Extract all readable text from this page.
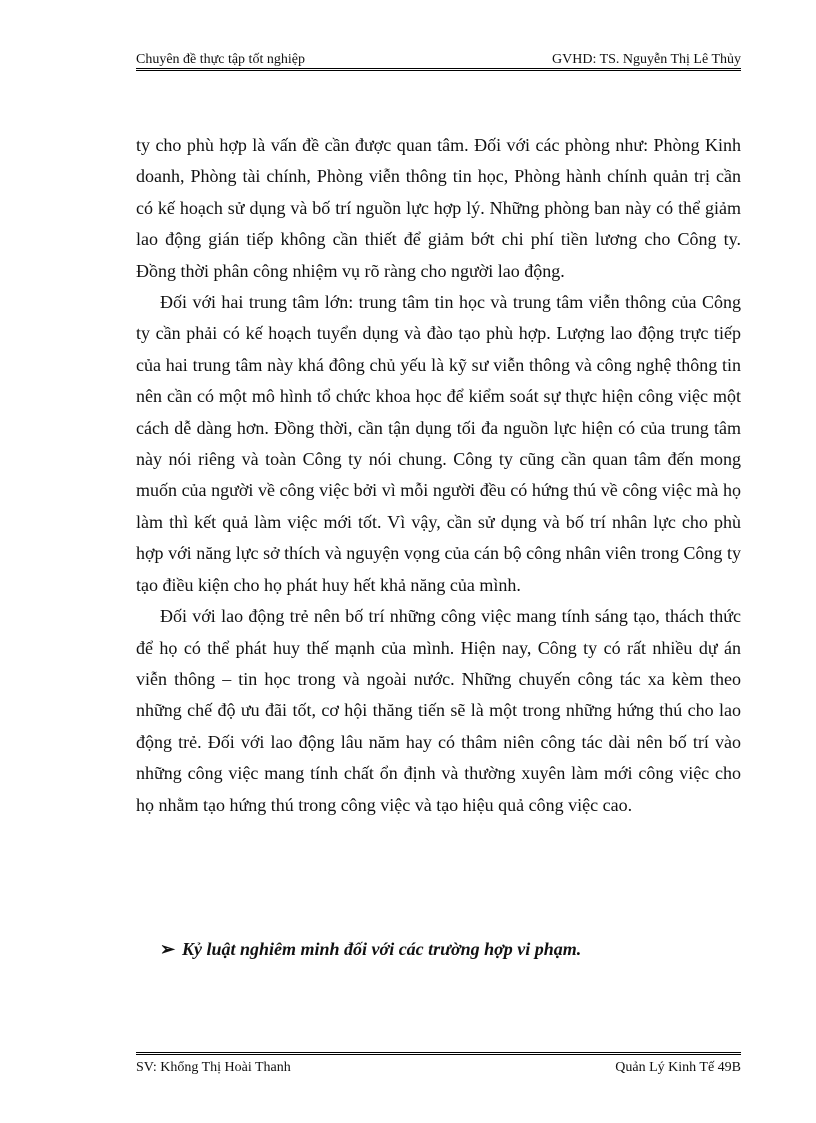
Chuyên đề thực tập tốt nghiệp	GVHD: TS. Nguyễn Thị Lê Thủy

ty cho phù hợp là vấn đề cần được quan tâm. Đối với các phòng như: Phòng Kinh doanh, Phòng tài chính, Phòng viễn thông tin học, Phòng hành chính quản trị cần có kế hoạch sử dụng và bố trí nguồn lực hợp lý. Những phòng ban này có thể giảm lao động gián tiếp không cần thiết để giảm bớt chi phí tiền lương cho Công ty. Đồng thời phân công nhiệm vụ rõ ràng cho người lao động.

Đối với hai trung tâm lớn: trung tâm tin học và trung tâm viễn thông của Công ty cần phải có kế hoạch tuyển dụng và đào tạo phù hợp. Lượng lao động trực tiếp của hai trung tâm này khá đông chủ yếu là kỹ sư viễn thông và công nghệ thông tin nên cần có một mô hình tổ chức khoa học để kiểm soát sự thực hiện công việc một cách dễ dàng hơn. Đồng thời, cần tận dụng tối đa nguồn lực hiện có của trung tâm này nói riêng và toàn Công ty nói chung. Công ty cũng cần quan tâm đến mong muốn của người về công việc bởi vì mỗi người đều có hứng thú về công việc mà họ làm thì kết quả làm việc mới tốt. Vì vậy, cần sử dụng và bố trí nhân lực cho phù hợp với năng lực sở thích và nguyện vọng của cán bộ công nhân viên trong Công ty tạo điều kiện cho họ phát huy hết khả năng của mình.

Đối với lao động trẻ nên bố trí những công việc mang tính sáng tạo, thách thức để họ có thể phát huy thế mạnh của mình. Hiện nay, Công ty có rất nhiều dự án viễn thông – tin học trong và ngoài nước. Những chuyến công tác xa kèm theo những chế độ ưu đãi tốt, cơ hội thăng tiến sẽ là một trong những hứng thú cho lao động trẻ. Đối với lao động lâu năm hay có thâm niên công tác dài nên bố trí vào những công việc mang tính chất ổn định và thường xuyên làm mới công việc cho họ nhằm tạo hứng thú trong công việc và tạo hiệu quả công việc cao.

➢ Kỷ luật nghiêm minh đối với các trường hợp vi phạm.
SV: Khổng Thị Hoài Thanh	Quản Lý Kinh Tế 49B
